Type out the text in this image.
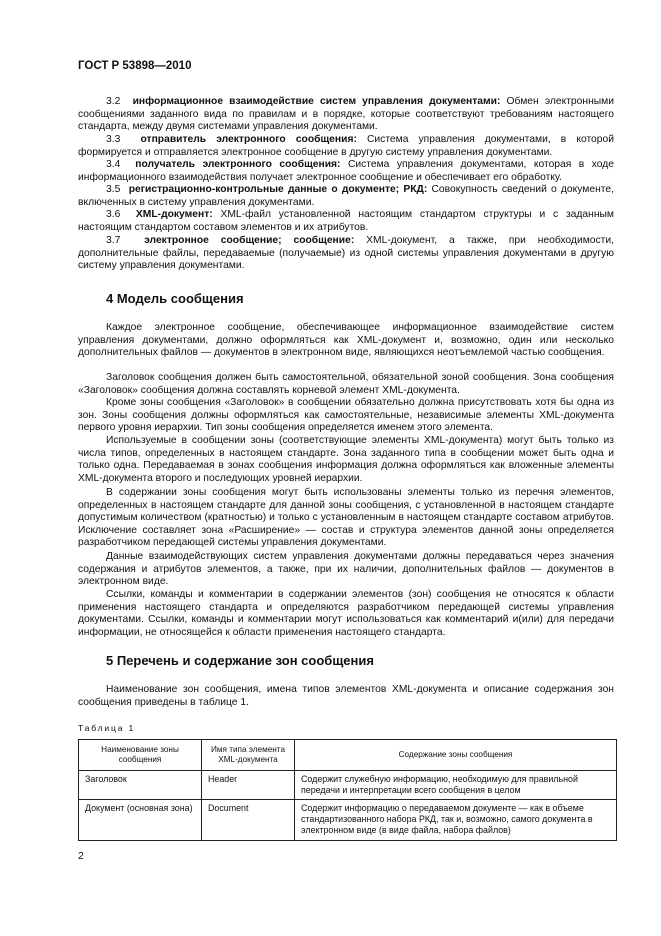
ГОСТ Р 53898—2010

3.2 информационное взаимодействие систем управления документами: Обмен электронными сообщениями заданного вида по правилам и в порядке, которые соответствуют требованиям настоящего стандарта, между двумя системами управления документами.

3.3 отправитель электронного сообщения: Система управления документами, в которой формируется и отправляется электронное сообщение в другую систему управления документами.

3.4 получатель электронного сообщения: Система управления документами, которая в ходе информационного взаимодействия получает электронное сообщение и обеспечивает его обработку.

3.5 регистрационно-контрольные данные о документе; РКД: Совокупность сведений о документе, включенных в систему управления документами.

3.6 XML-документ: XML-файл установленной настоящим стандартом структуры и с заданным настоящим стандартом составом элементов и их атрибутов.

3.7 электронное сообщение; сообщение: XML-документ, а также, при необходимости, дополнительные файлы, передаваемые (получаемые) из одной системы управления документами в другую систему управления документами.

4 Модель сообщения

Каждое электронное сообщение, обеспечивающее информационное взаимодействие систем управления документами, должно оформляться как XML-документ и, возможно, один или несколько дополнительных файлов — документов в электронном виде, являющихся неотъемлемой частью сообщения.

Заголовок сообщения должен быть самостоятельной, обязательной зоной сообщения. Зона сообщения «Заголовок» сообщения должна составлять корневой элемент XML-документа.

Кроме зоны сообщения «Заголовок» в сообщении обязательно должна присутствовать хотя бы одна из зон. Зоны сообщения должны оформляться как самостоятельные, независимые элементы XML-документа первого уровня иерархии. Тип зоны сообщения определяется именем этого элемента.

Используемые в сообщении зоны (соответствующие элементы XML-документа) могут быть только из числа типов, определенных в настоящем стандарте. Зона заданного типа в сообщении может быть одна и только одна. Передаваемая в зонах сообщения информация должна оформляться как вложенные элементы XML-документа второго и последующих уровней иерархии.

В содержании зоны сообщения могут быть использованы элементы только из перечня элементов, определенных в настоящем стандарте для данной зоны сообщения, с установленной в настоящем стандарте допустимым количеством (кратностью) и только с установленным в настоящем стандарте составом атрибутов. Исключение составляет зона «Расширение» — состав и структура элементов данной зоны определяется разработчиком передающей системы управления документами.

Данные взаимодействующих систем управления документами должны передаваться через значения содержания и атрибутов элементов, а также, при их наличии, дополнительных файлов — документов в электронном виде.

Ссылки, команды и комментарии в содержании элементов (зон) сообщения не относятся к области применения настоящего стандарта и определяются разработчиком передающей системы управления документами. Ссылки, команды и комментарии могут использоваться как комментарий и(или) для передачи информации, не относящейся к области применения настоящего стандарта.

5 Перечень и содержание зон сообщения

Наименование зон сообщения, имена типов элементов XML-документа и описание содержания зон сообщения приведены в таблице 1.

Таблица 1
Наименование зоны сообщения	Имя типа элемента XML-документа	Содержание зоны сообщения
Заголовок	Header	Содержит служебную информацию, необходимую для правильной передачи и интерпретации всего сообщения в целом
Документ (основная зона)	Document	Содержит информацию о передаваемом документе — как в объеме стандартизованного набора РКД, так и, возможно, самого документа в электронном виде (в виде файла, набора файлов)
2
